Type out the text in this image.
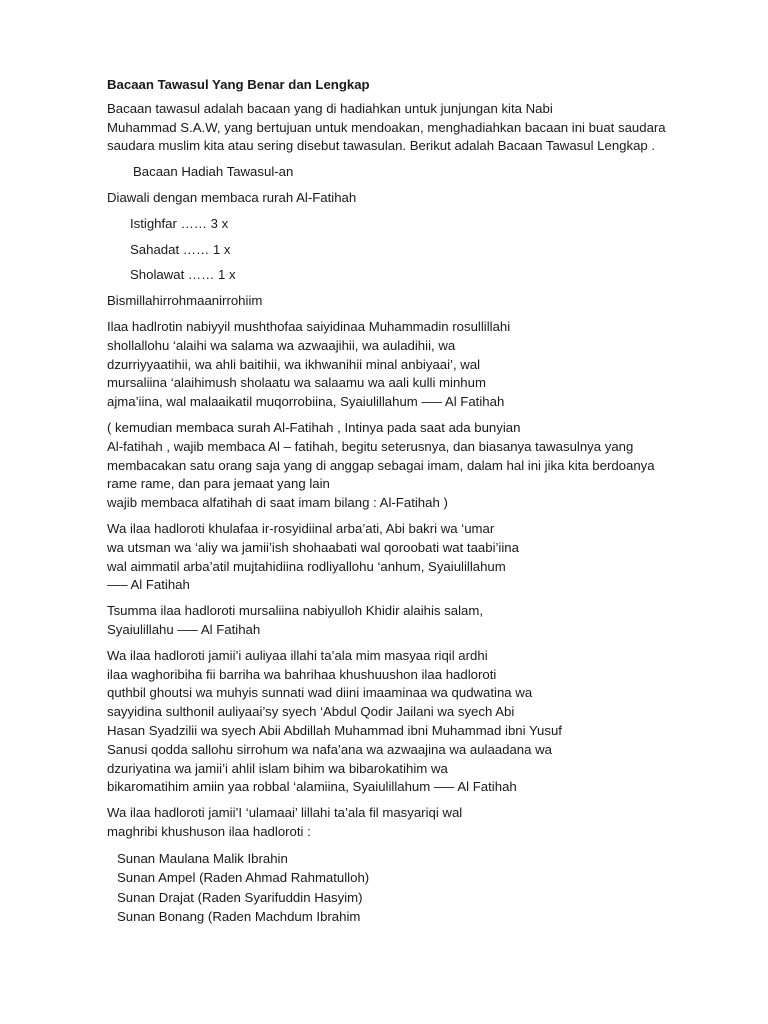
Bacaan Tawasul Yang Benar dan Lengkap

Bacaan tawasul adalah bacaan yang di hadiahkan untuk junjungan kita Nabi
Muhammad S.A.W, yang bertujuan untuk mendoakan, menghadiahkan bacaan ini buat saudara
saudara muslim kita atau sering disebut tawasulan. Berikut adalah Bacaan Tawasul Lengkap .

Bacaan Hadiah Tawasul-an

Diawali dengan membaca rurah Al-Fatihah

Istighfar …… 3 x

Sahadat …… 1 x

Sholawat …… 1 x

Bismillahirrohmaanirrohiim

Ilaa hadlrotin nabiyyil mushthofaa saiyidinaa Muhammadin rosullillahi
shollallohu ‘alaihi wa salama wa azwaajihii, wa auladihii, wa
dzurriyyaatihii, wa ahli baitihii, wa ikhwanihii minal anbiyaai’, wal
mursaliina ‘alaihimush sholaatu wa salaamu wa aali kulli minhum
ajma’iina, wal malaaikatil muqorrobiina, Syaiulillahum —– Al Fatihah

( kemudian membaca surah Al-Fatihah , Intinya pada saat ada bunyian
Al-fatihah , wajib membaca Al – fatihah, begitu seterusnya, dan biasanya tawasulnya yang
membacakan satu orang saja yang di anggap sebagai imam, dalam hal ini jika kita berdoanya
rame rame, dan para jemaat yang lain
wajib membaca alfatihah di saat imam bilang : Al-Fatihah )

Wa ilaa hadloroti khulafaa ir-rosyidiinal arba’ati, Abi bakri wa ‘umar
wa utsman wa ‘aliy wa jamii’ish shohaabati wal qoroobati wat taabi’iina
wal aimmatil arba’atil mujtahidiina rodliyallohu ‘anhum, Syaiulillahum
—– Al Fatihah

Tsumma ilaa hadloroti mursaliina nabiyulloh Khidir alaihis salam,
Syaiulillahu —– Al Fatihah

Wa ilaa hadloroti jamii’i auliyaa illahi ta’ala mim masyaa riqil ardhi
ilaa waghoribiha fii barriha wa bahrihaa khushuushon ilaa hadloroti
quthbil ghoutsi wa muhyis sunnati wad diini imaaminaa wa qudwatina wa
sayyidina sulthonil auliyaai’sy syech ‘Abdul Qodir Jailani wa syech Abi
Hasan Syadzilii wa syech Abii Abdillah Muhammad ibni Muhammad ibni Yusuf
Sanusi qodda sallohu sirrohum wa nafa’ana wa azwaajina wa aulaadana wa
dzuriyatina wa jamii’i ahlil islam bihim wa bibarokatihim wa
bikaromatihim amiin yaa robbal ‘alamiina, Syaiulillahum —– Al Fatihah

Wa ilaa hadloroti jamii’I ‘ulamaai’ lillahi ta’ala fil masyariqi wal
maghribi khushuson ilaa hadloroti :

Sunan Maulana Malik Ibrahin
Sunan Ampel (Raden Ahmad Rahmatulloh)
Sunan Drajat (Raden Syarifuddin Hasyim)
Sunan Bonang (Raden Machdum Ibrahim
